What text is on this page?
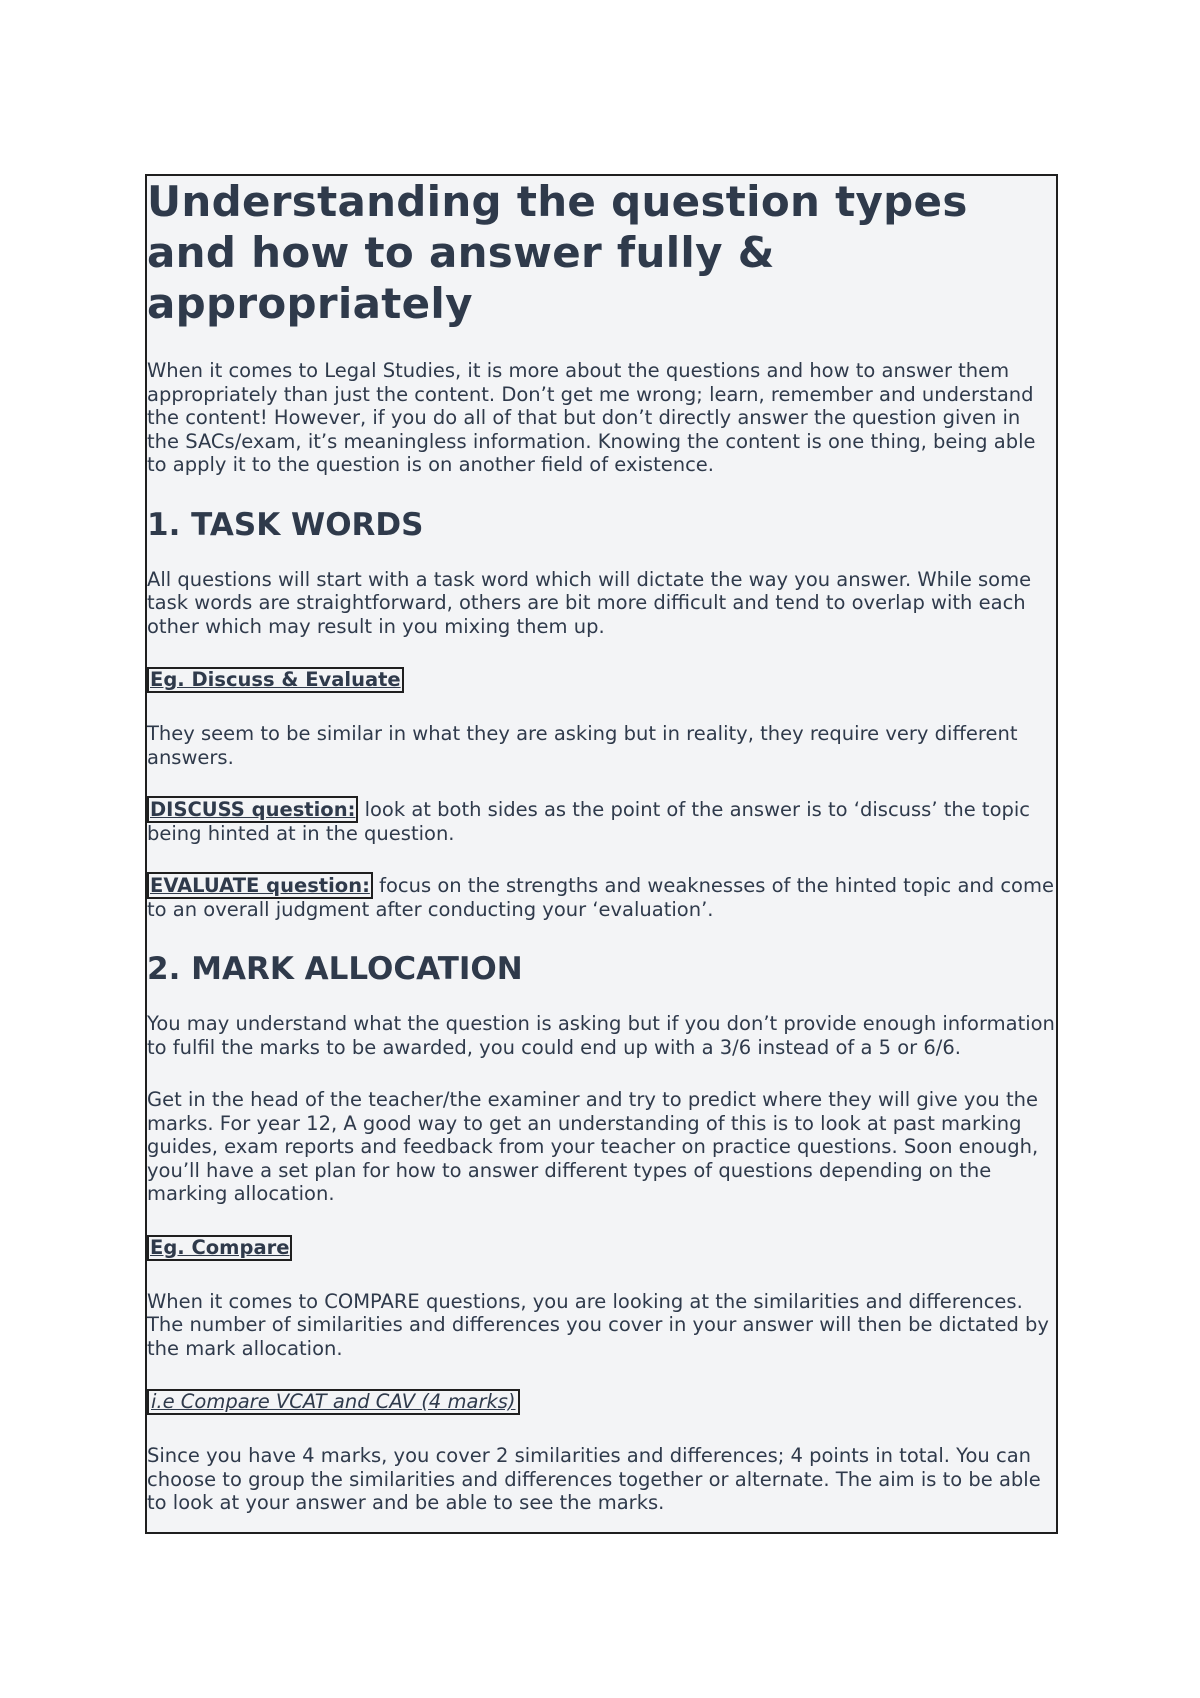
Understanding the question types and how to answer fully & appropriately

When it comes to Legal Studies, it is more about the questions and how to answer them appropriately than just the content. Don’t get me wrong; learn, remember and understand the content! However, if you do all of that but don’t directly answer the question given in the SACs/exam, it’s meaningless information. Knowing the content is one thing, being able to apply it to the question is on another field of existence.

1. TASK WORDS

All questions will start with a task word which will dictate the way you answer. While some task words are straightforward, others are bit more difficult and tend to overlap with each other which may result in you mixing them up.

Eg. Discuss & Evaluate

They seem to be similar in what they are asking but in reality, they require very different answers.

DISCUSS question: look at both sides as the point of the answer is to ‘discuss’ the topic being hinted at in the question.

EVALUATE question: focus on the strengths and weaknesses of the hinted topic and come to an overall judgment after conducting your ‘evaluation’.

2. MARK ALLOCATION

You may understand what the question is asking but if you don’t provide enough information to fulfil the marks to be awarded, you could end up with a 3/6 instead of a 5 or 6/6.

Get in the head of the teacher/the examiner and try to predict where they will give you the marks. For year 12, A good way to get an understanding of this is to look at past marking guides, exam reports and feedback from your teacher on practice questions. Soon enough, you’ll have a set plan for how to answer different types of questions depending on the marking allocation.

Eg. Compare

When it comes to COMPARE questions, you are looking at the similarities and differences. The number of similarities and differences you cover in your answer will then be dictated by the mark allocation.

i.e Compare VCAT and CAV (4 marks)

Since you have 4 marks, you cover 2 similarities and differences; 4 points in total. You can choose to group the similarities and differences together or alternate. The aim is to be able to look at your answer and be able to see the marks.
